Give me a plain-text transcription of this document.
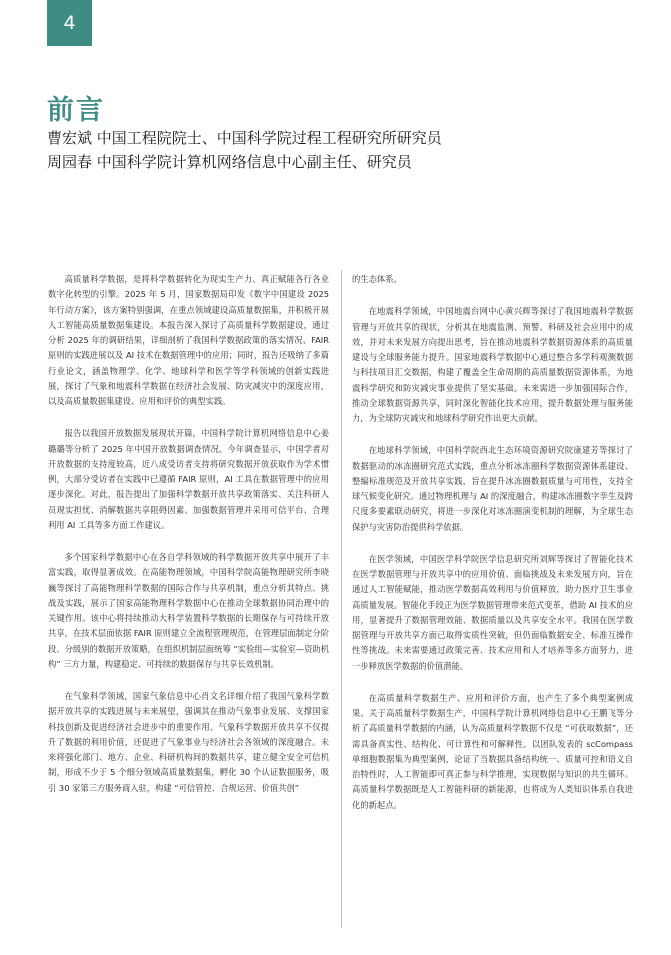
4
前言
曹宏斌 中国工程院院士、中国科学院过程工程研究所研究员
周园春 中国科学院计算机网络信息中心副主任、研究员

高质量科学数据，是将科学数据转化为现实生产力、真正赋能各行各业数字化转型的引擎。2025 年 5 月，国家数据局印发《数字中国建设 2025 年行动方案》，该方案特别强调，在重点领域建设高质量数据集，并积极开展人工智能高质量数据集建设。本报告深入探讨了高质量科学数据建设，通过分析 2025 年的调研结果，详细剖析了我国科学数据政策的落实情况、FAIR 原则的实践进展以及 AI 技术在数据管理中的应用；同时，报告还吸纳了多篇行业论文，涵盖物理学、化学、地球科学和医学等学科领域的创新实践进展，探讨了气象和地震科学数据在经济社会发展、防灾减灾中的深度应用，以及高质量数据集建设、应用和评价的典型实践。

报告以我国开放数据发展现状开篇，中国科学院计算机网络信息中心姜璐璐等分析了 2025 年中国开放数据调查情况。今年调查显示，中国学者对开放数据的支持度较高，近八成受访者支持将研究数据开放获取作为学术惯例，大部分受访者在实践中已遵循 FAIR 原则，AI 工具在数据管理中的应用逐步深化。对此，报告提出了加强科学数据开放共享政策落实、关注科研人员现实担忧、消解数据共享阻碍因素、加强数据管理并采用可信平台、合理利用 AI 工具等多方面工作建议。

多个国家科学数据中心在各自学科领域的科学数据开放共享中展开了丰富实践，取得显著成效。在高能物理领域，中国科学院高能物理研究所李晓巍等探讨了高能物理科学数据的国际合作与共享机制，重点分析其特点、挑战及实践，展示了国家高能物理科学数据中心在推动全球数据协同治理中的关键作用。该中心将持续推动大科学装置科学数据的长期保存与可持续开放共享，在技术层面依据 FAIR 原则建立全流程管理规范，在管理层面制定分阶段、分级别的数据开放策略，在组织机制层面统筹 “实验组—实验室—资助机构” 三方力量，构建稳定、可持续的数据保存与共享长效机制。

在气象科学领域，国家气象信息中心肖文名详细介绍了我国气象科学数据开放共享的实践进展与未来展望，强调其在推动气象事业发展、支撑国家科技创新及促进经济社会进步中的重要作用。气象科学数据开放共享不仅提升了数据的利用价值，还促进了气象事业与经济社会各领域的深度融合。未来将强化部门、地方、企业、科研机构间的数据共享，建立健全安全可信机制，形成不少于 5 个细分领域高质量数据集，孵化 30 个认证数据服务，吸引 30 家第三方服务商入驻，构建 “可信管控、合规运营、价值共创”

的生态体系。

在地震科学领域，中国地震台网中心黄兴辉等探讨了我国地震科学数据管理与开放共享的现状，分析其在地震监测、预警、科研及社会应用中的成效，并对未来发展方向提出思考，旨在推动地震科学数据资源体系的高质量建设与全球服务能力提升。国家地震科学数据中心通过整合多学科观测数据与科技项目汇交数据，构建了覆盖全生命周期的高质量数据资源体系，为地震科学研究和防灾减灾事业提供了坚实基础。未来需进一步加强国际合作，推动全球数据资源共享，同时深化智能化技术应用，提升数据处理与服务能力，为全球防灾减灾和地球科学研究作出更大贡献。

在地球科学领域，中国科学院西北生态环境资源研究院康建芳等探讨了数据驱动的冰冻圈研究范式实践，重点分析冰冻圈科学数据资源体系建设、整编标准规范及开放共享实践，旨在提升冰冻圈数据质量与可用性，支持全球气候变化研究。通过物理机理与 AI 的深度融合，构建冰冻圈数字孪生及跨尺度多要素联动研究，将进一步深化对冰冻圈演变机制的理解，为全球生态保护与灾害防治提供科学依据。

在医学领域，中国医学科学院医学信息研究所刘辉等探讨了智能化技术在医学数据管理与开放共享中的应用价值、面临挑战及未来发展方向，旨在通过人工智能赋能，推动医学数据高效利用与价值释放，助力医疗卫生事业高质量发展。智能化手段正为医学数据管理带来范式变革，借助 AI 技术的应用，显著提升了数据管理效能、数据质量以及共享安全水平。我国在医学数据管理与开放共享方面已取得实质性突破，但仍面临数据安全、标准互操作性等挑战。未来需要通过政策完善、技术应用和人才培养等多方面努力，进一步释放医学数据的价值潜能。

在高质量科学数据生产、应用和评价方面，也产生了多个典型案例成果。关于高质量科学数据生产，中国科学院计算机网络信息中心王鹏飞等分析了高质量科学数据的内涵，认为高质量科学数据不仅是 “可获取数据”，还需具备真实性、结构化、可计算性和可解释性。以团队发表的 scCompass 单细胞数据集为典型案例，论证了当数据具备结构统一、质量可控和语义自治特性时，人工智能即可真正参与科学推理，实现数据与知识的共生循环。高质量科学数据既是人工智能科研的新能源，也将成为人类知识体系自我进化的新起点。
